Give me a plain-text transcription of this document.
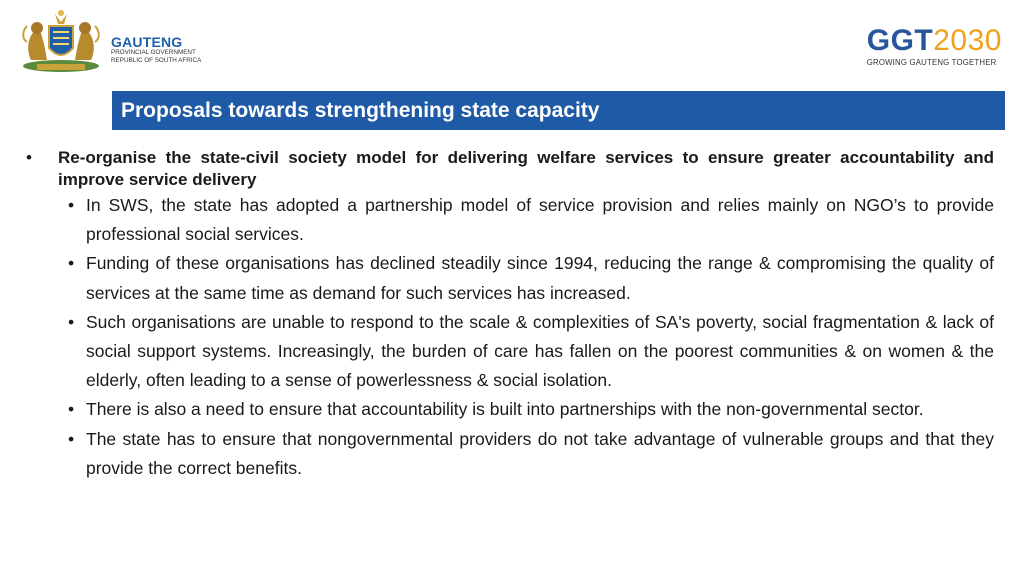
GAUTENG
PROVINCIAL GOVERNMENT
REPUBLIC OF SOUTH AFRICA
GGT2030
GROWING GAUTENG TOGETHER
Proposals towards strengthening state capacity
• Re-organise the state-civil society model for delivering welfare services to ensure greater accountability and improve service delivery
• In SWS, the state has adopted a partnership model of service provision and relies mainly on NGO’s to provide professional social services.
• Funding of these organisations has declined steadily since 1994, reducing the range & compromising the quality of services at the same time as demand for such services has increased.
• Such organisations are unable to respond to the scale & complexities of SA's poverty, social fragmentation & lack of social support systems. Increasingly, the burden of care has fallen on the poorest communities & on women & the elderly, often leading to a sense of powerlessness & social isolation.
• There is also a need to ensure that accountability is built into partnerships with the non-governmental sector.
• The state has to ensure that nongovernmental providers do not take advantage of vulnerable groups and that they provide the correct benefits.
